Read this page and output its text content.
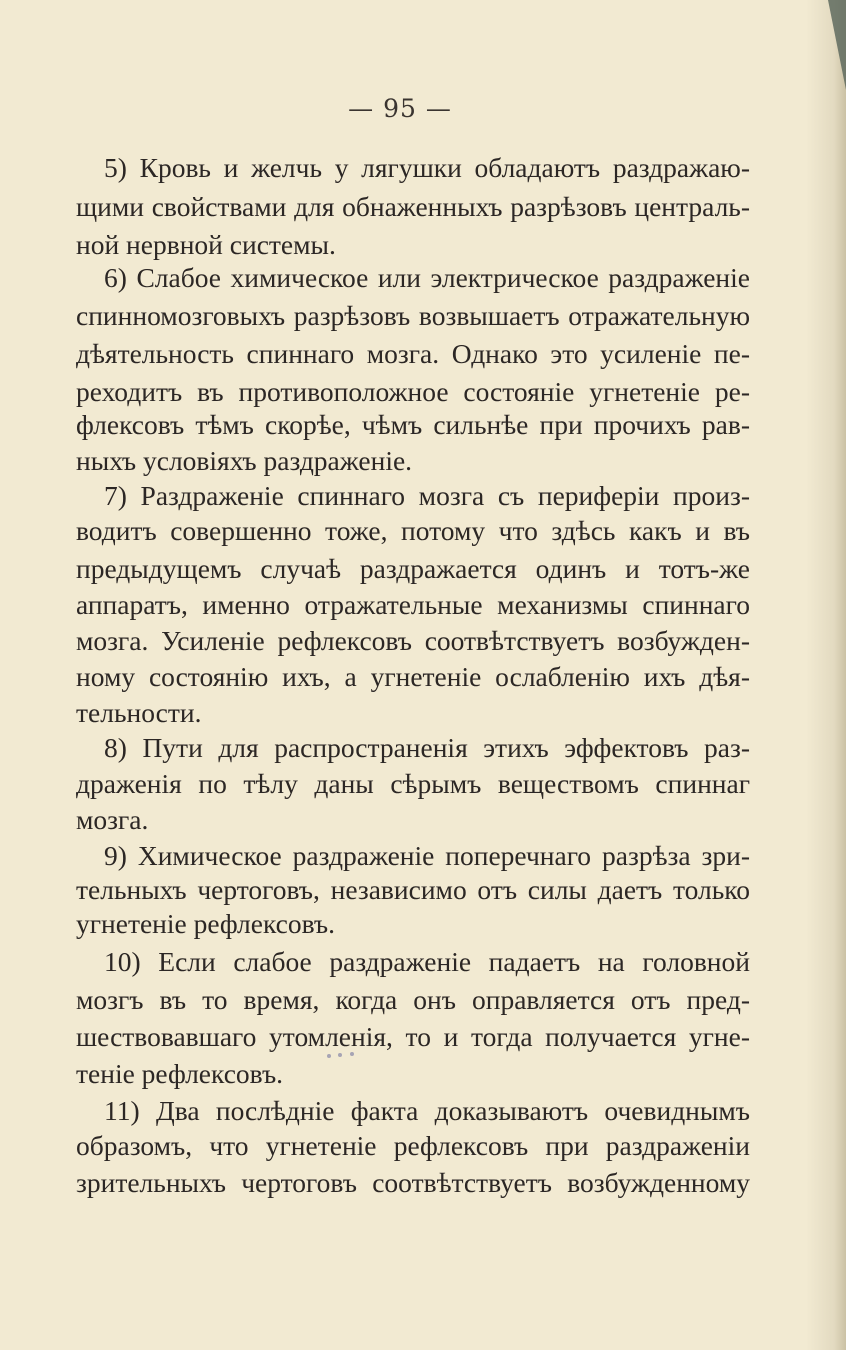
— 95 —
5) Кровь и желчь у лягушки обладаютъ раздражаю-
щими свойствами для обнаженныхъ разрѣзовъ централь-
ной нервной системы.
6) Слабое химическое или электрическое раздраженіе
спинномозговыхъ разрѣзовъ возвышаетъ отражательную
дѣятельность спиннаго мозга. Однако это усиленіе пе-
реходитъ въ противоположное состояніе угнетеніе ре-
флексовъ тѣмъ скорѣе, чѣмъ сильнѣе при прочихъ рав-
ныхъ условіяхъ раздраженіе.
7) Раздраженіе спиннаго мозга съ периферіи произ-
водитъ совершенно тоже, потому что здѣсь какъ и въ
предыдущемъ случаѣ раздражается одинъ и тотъ-же
аппаратъ, именно отражательные механизмы спиннаго
мозга. Усиленіе рефлексовъ соотвѣтствуетъ возбужден-
ному состоянію ихъ, а угнетеніе ослабленію ихъ дѣя-
тельности.
8) Пути для распространенія этихъ эффектовъ раз-
драженія по тѣлу даны сѣрымъ веществомъ спиннаг
мозга.
9) Химическое раздраженіе поперечнаго разрѣза зри-
тельныхъ чертоговъ, независимо отъ силы даетъ только
угнетеніе рефлексовъ.
10) Если слабое раздраженіе падаетъ на головной
мозгъ въ то время, когда онъ оправляется отъ пред-
шествовавшаго утомленія, то и тогда получается угне-
теніе рефлексовъ.
11) Два послѣдніе факта доказываютъ очевиднымъ
образомъ, что угнетеніе рефлексовъ при раздраженіи
зрительныхъ чертоговъ соотвѣтствуетъ возбужденному
